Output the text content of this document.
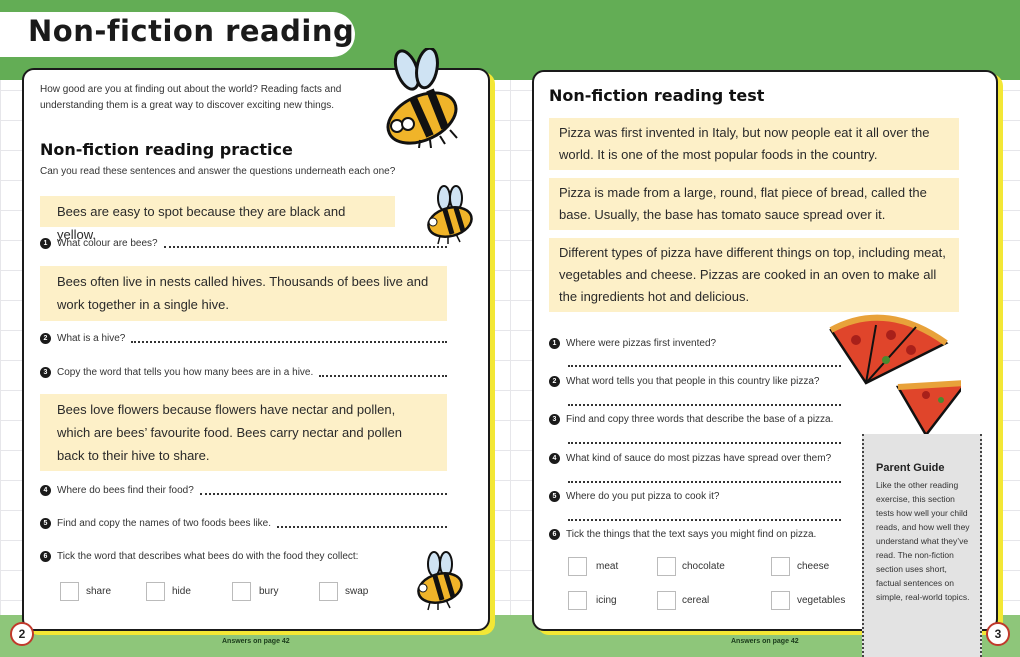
Non-fiction reading
How good are you at finding out about the world? Reading facts and understanding them is a great way to discover exciting new things.
Non-fiction reading practice
Can you read these sentences and answer the questions underneath each one?
Bees are easy to spot because they are black and yellow.
1 What colour are bees?
Bees often live in nests called hives. Thousands of bees live and work together in a single hive.
2 What is a hive?
3 Copy the word that tells you how many bees are in a hive.
Bees love flowers because flowers have nectar and pollen, which are bees’ favourite food. Bees carry nectar and pollen back to their hive to share.
4 Where do bees find their food?
5 Find and copy the names of two foods bees like.
6 Tick the word that describes what bees do with the food they collect:
share	hide	bury	swap
2
Answers on page 42
Non-fiction reading test
Pizza was first invented in Italy, but now people eat it all over the world. It is one of the most popular foods in the country.
Pizza is made from a large, round, flat piece of bread, called the base. Usually, the base has tomato sauce spread over it.
Different types of pizza have different things on top, including meat, vegetables and cheese. Pizzas are cooked in an oven to make all the ingredients hot and delicious.
1 Where were pizzas first invented?
2 What word tells you that people in this country like pizza?
3 Find and copy three words that describe the base of a pizza.
4 What kind of sauce do most pizzas have spread over them?
5 Where do you put pizza to cook it?
6 Tick the things that the text says you might find on pizza.
meat	chocolate	cheese
icing	cereal	vegetables
Parent Guide

Like the other reading exercise, this section tests how well your child reads, and how well they understand what they’ve read. The non-fiction section uses short, factual sentences on simple, real-world topics.

3
Answers on page 42
